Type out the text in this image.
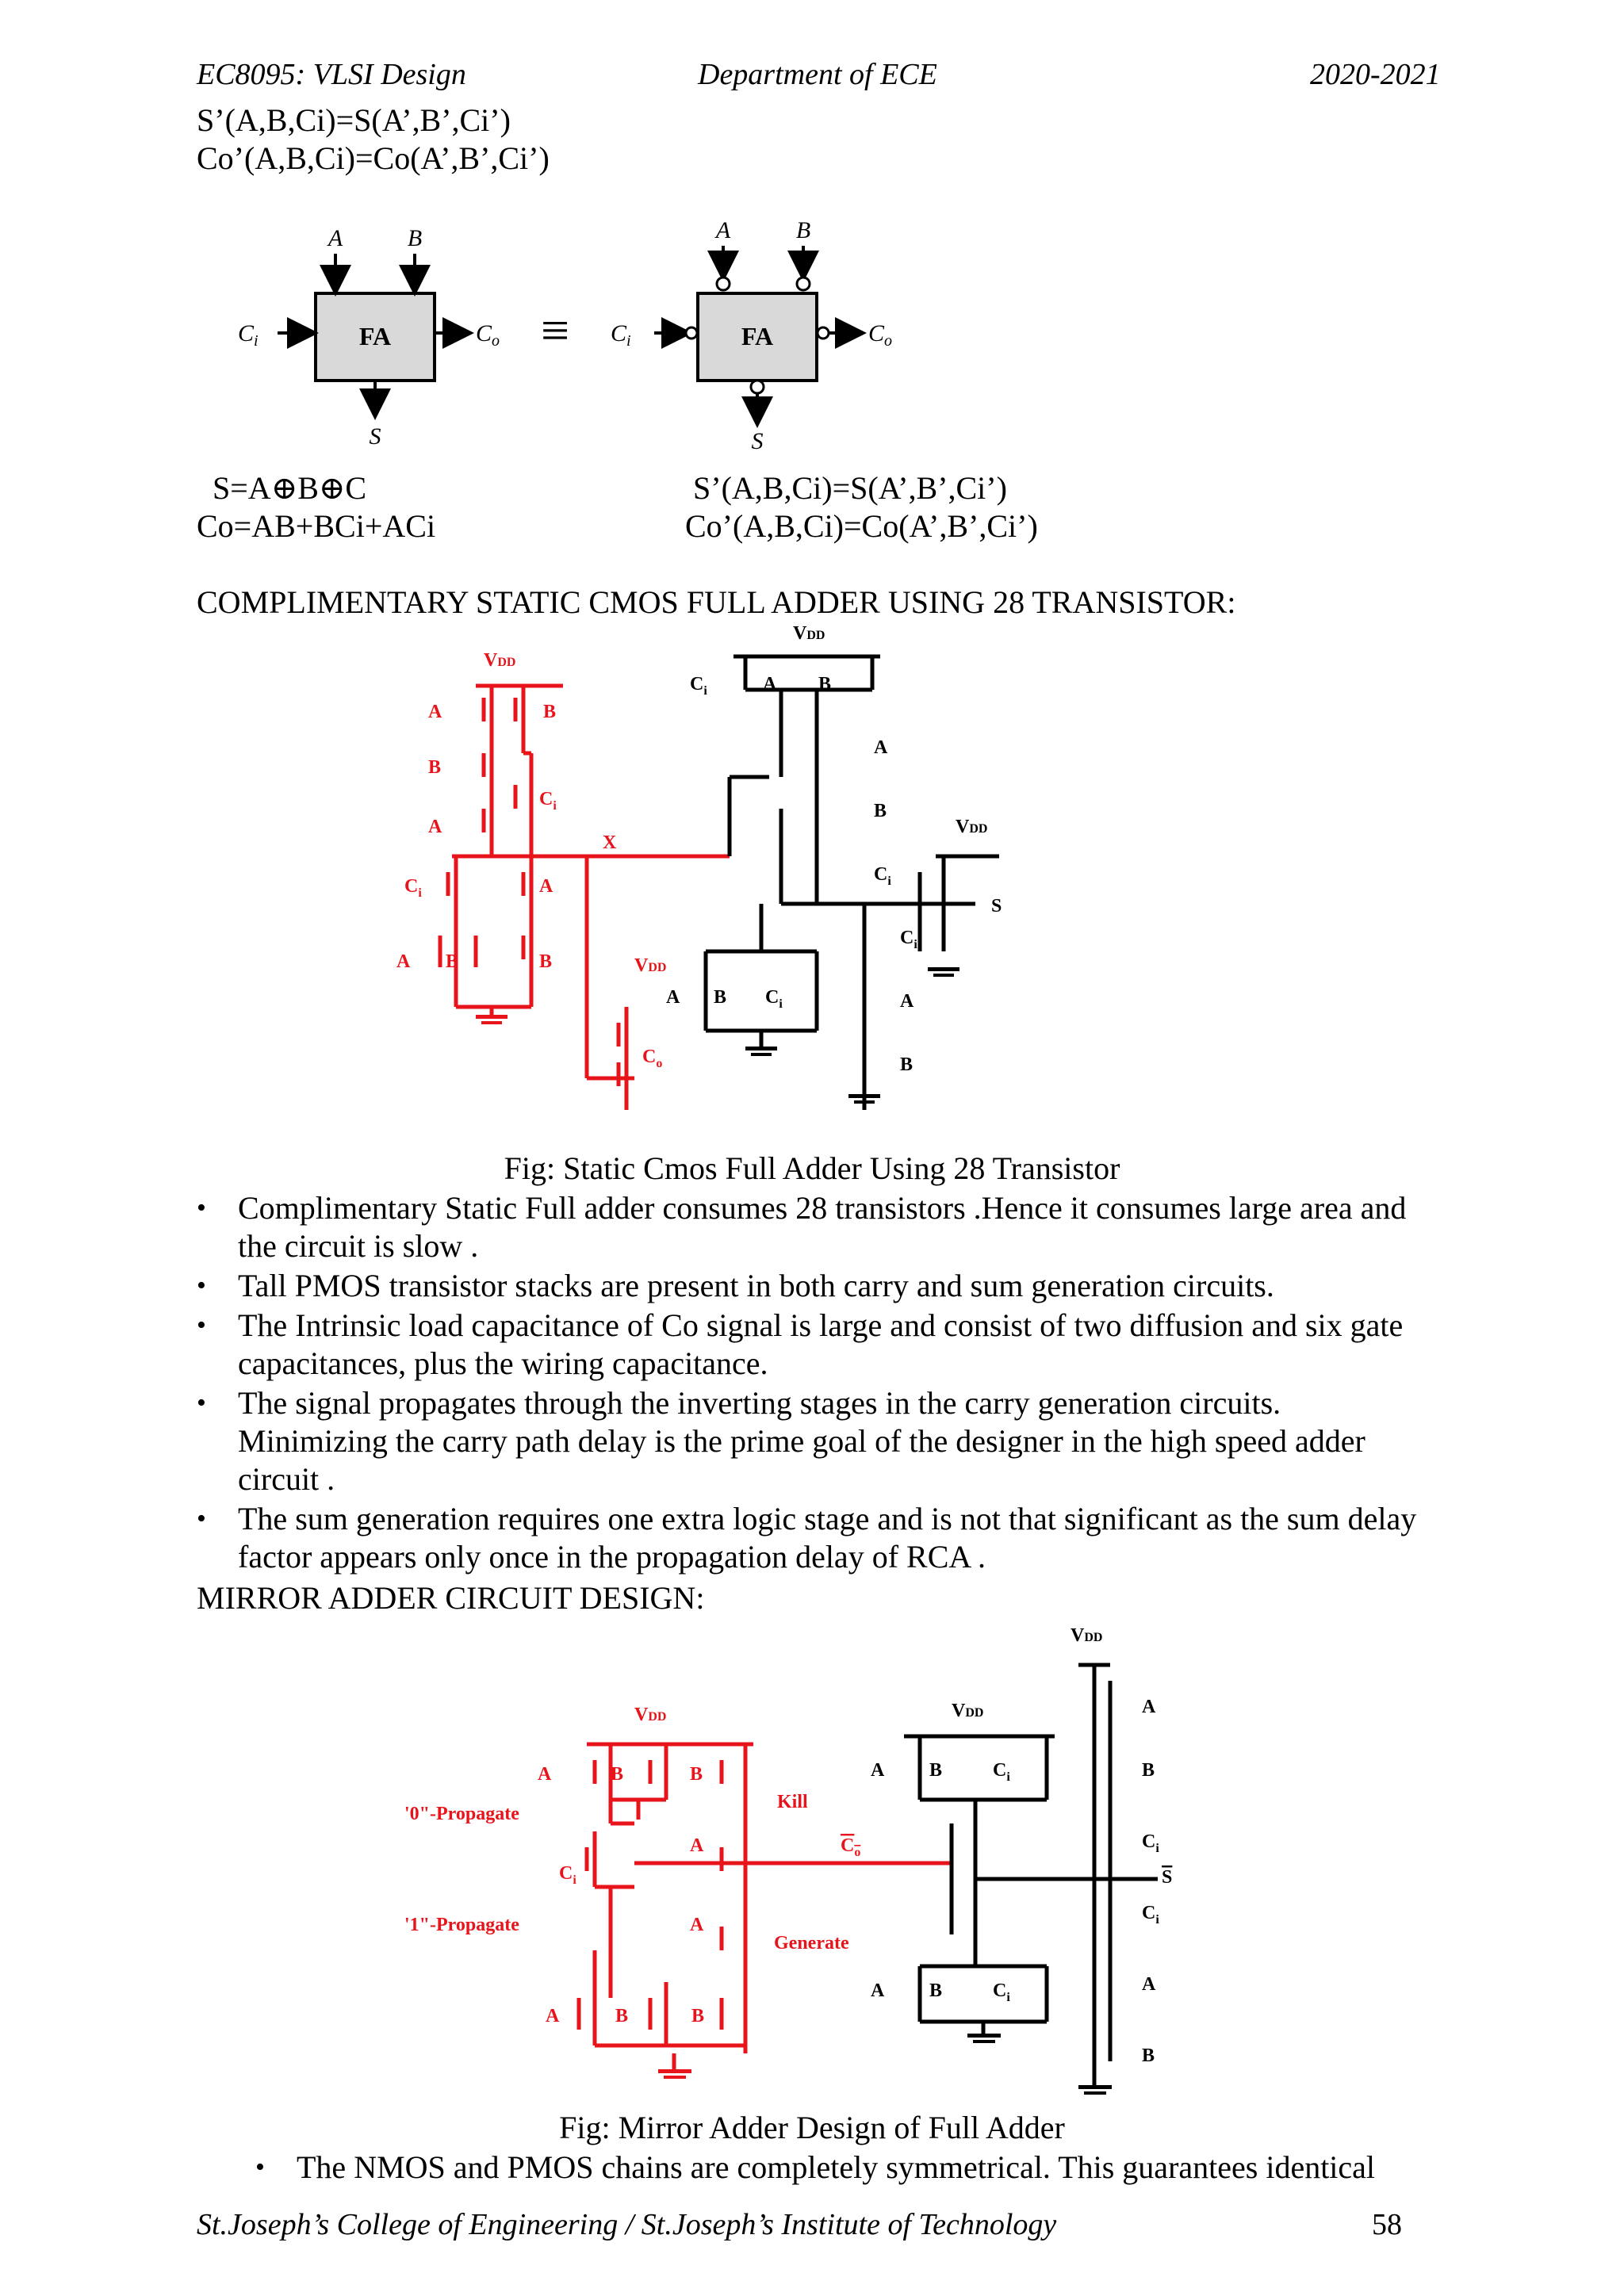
EC8095: VLSI Design	Department of ECE	2020-2021
S’(A,B,Ci)=S(A’,B’,Ci’)
Co’(A,B,Ci)=Co(A’,B’,Ci’)
FA
A	B
$C_i$	$C_o$
S
≡	FA
A	B
$C_i$	$C_o$
S
S=A⊕B⊕C
Co=AB+BCi+ACi
S’(A,B,Ci)=S(A’,B’,Ci’)
Co’(A,B,Ci)=Co(A’,B’,Ci’)
COMPLIMENTARY STATIC CMOS FULL ADDER USING 28 TRANSISTOR:
VDD
A	B
B
$C_i$
A
X
$C_i$	A
A B	B	VDD
$C_o$
VDD
$C_i$	A B
A
B
$C_i$
VDD
S
$C_i$
A B $C_i$	A
B
Fig: Static Cmos Full Adder Using 28 Transistor
• Complimentary Static Full adder consumes 28 transistors .Hence it consumes large area and the circuit is slow .
• Tall PMOS transistor stacks are present in both carry and sum generation circuits.
• The Intrinsic load capacitance of Co signal is large and consist of two diffusion and six gate capacitances, plus the wiring capacitance.
• The signal propagates through the inverting stages in the carry generation circuits. Minimizing the carry path delay is the prime goal of the designer in the high speed adder circuit .
• The sum generation requires one extra logic stage and is not that significant as the sum delay factor appears only once in the propagation delay of RCA .
MIRROR ADDER CIRCUIT DESIGN:
VDD
A	B	B
Kill
'0"-Propagate
A
$C_i$
$C_o$
A
'1"-Propagate
Generate
A	B	B
VDD
VDD	A
A B	$C_i$	B
$C_i$
S
$C_i$
A
A B	$C_i$
B
Fig: Mirror Adder Design of Full Adder
• The NMOS and PMOS chains are completely symmetrical. This guarantees identical
St.Joseph’s College of Engineering / St.Joseph’s Institute of Technology	58
